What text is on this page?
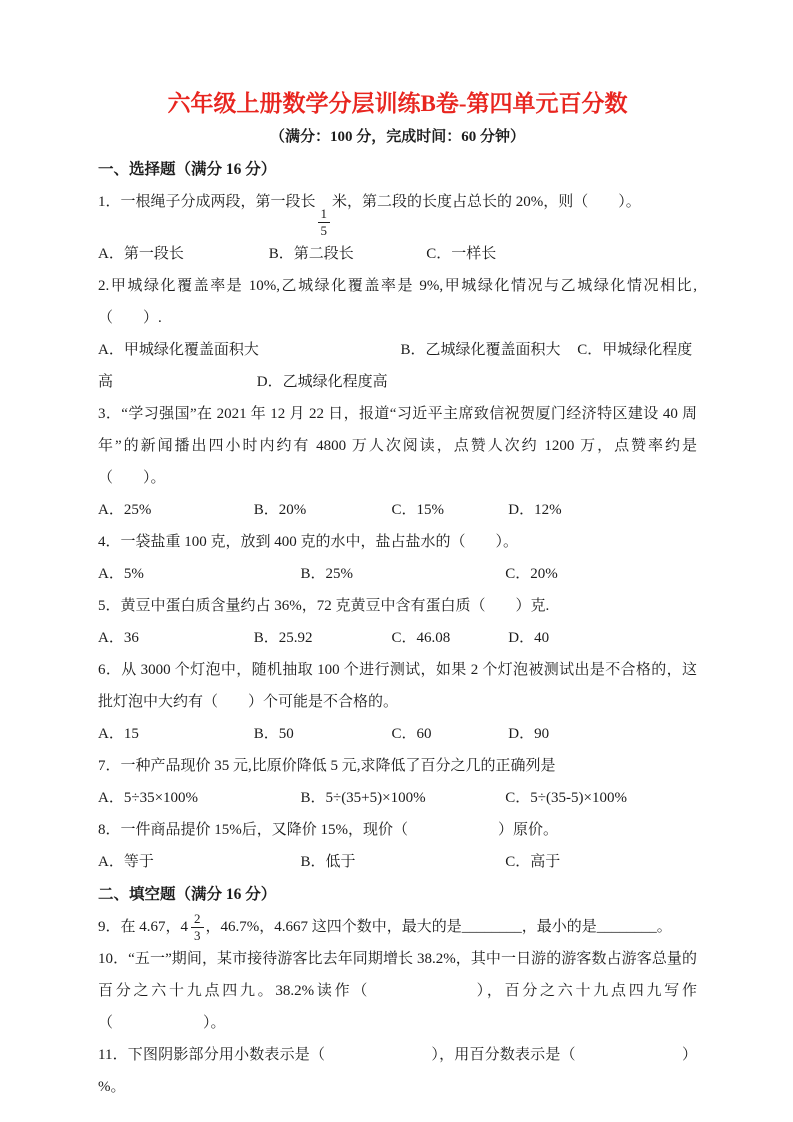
六年级上册数学分层训练B卷-第四单元百分数

（满分：100 分，完成时间：60 分钟）

一、选择题（满分 16 分）

1．一根绳子分成两段，第一段长
$\frac{1}{5}$
米，第二段的长度占总长的 20%，则（　　）。

A．第一段长	B．第二段长	C．一样长

2.甲城绿化覆盖率是 10%,乙城绿化覆盖率是 9%,甲城绿化情况与乙城绿化情况相比,（　　）.

A．甲城绿化覆盖面积大	B．乙城绿化覆盖面积大	C．甲城绿化程度
高	D．乙城绿化程度高

3．“学习强国”在 2021 年 12 月 22 日，报道“习近平主席致信祝贺厦门经济特区建设 40 周年”的新闻播出四小时内约有 4800 万人次阅读，点赞人次约 1200 万，点赞率约是（　　）。

A．25%	B．20%	C．15%	D．12%

4．一袋盐重 100 克，放到 400 克的水中，盐占盐水的（　　）。

A．5%	B．25%	C．20%

5．黄豆中蛋白质含量约占 36%，72 克黄豆中含有蛋白质（　　）克.

A．36	B．25.92	C．46.08	D．40

6．从 3000 个灯泡中，随机抽取 100 个进行测试，如果 2 个灯泡被测试出是不合格的，这批灯泡中大约有（　　）个可能是不合格的。

A．15	B．50	C．60	D．90

7．一种产品现价 35 元,比原价降低 5 元,求降低了百分之几的正确列是

A．5÷35×100%	B．5÷(35+5)×100%	C．5÷(35-5)×100%

8．一件商品提价 15%后，又降价 15%，现价（　　　　　　）原价。

A．等于	B．低于	C．高于

二、填空题（满分 16 分）

9．在 4.67， $4 \frac{2}{3}$ ，46.7%，4.667 这四个数中，最大的是________，最小的是________。

10．“五一”期间，某市接待游客比去年同期增长 38.2%，其中一日游的游客数占游客总量的百分之六十九点四九。38.2%读作（　　　　　　），百分之六十九点四九写作（　　　　　　）。

11．下图阴影部分用小数表示是（　　　　　　　），用百分数表示是（　　　　　　　）%。
